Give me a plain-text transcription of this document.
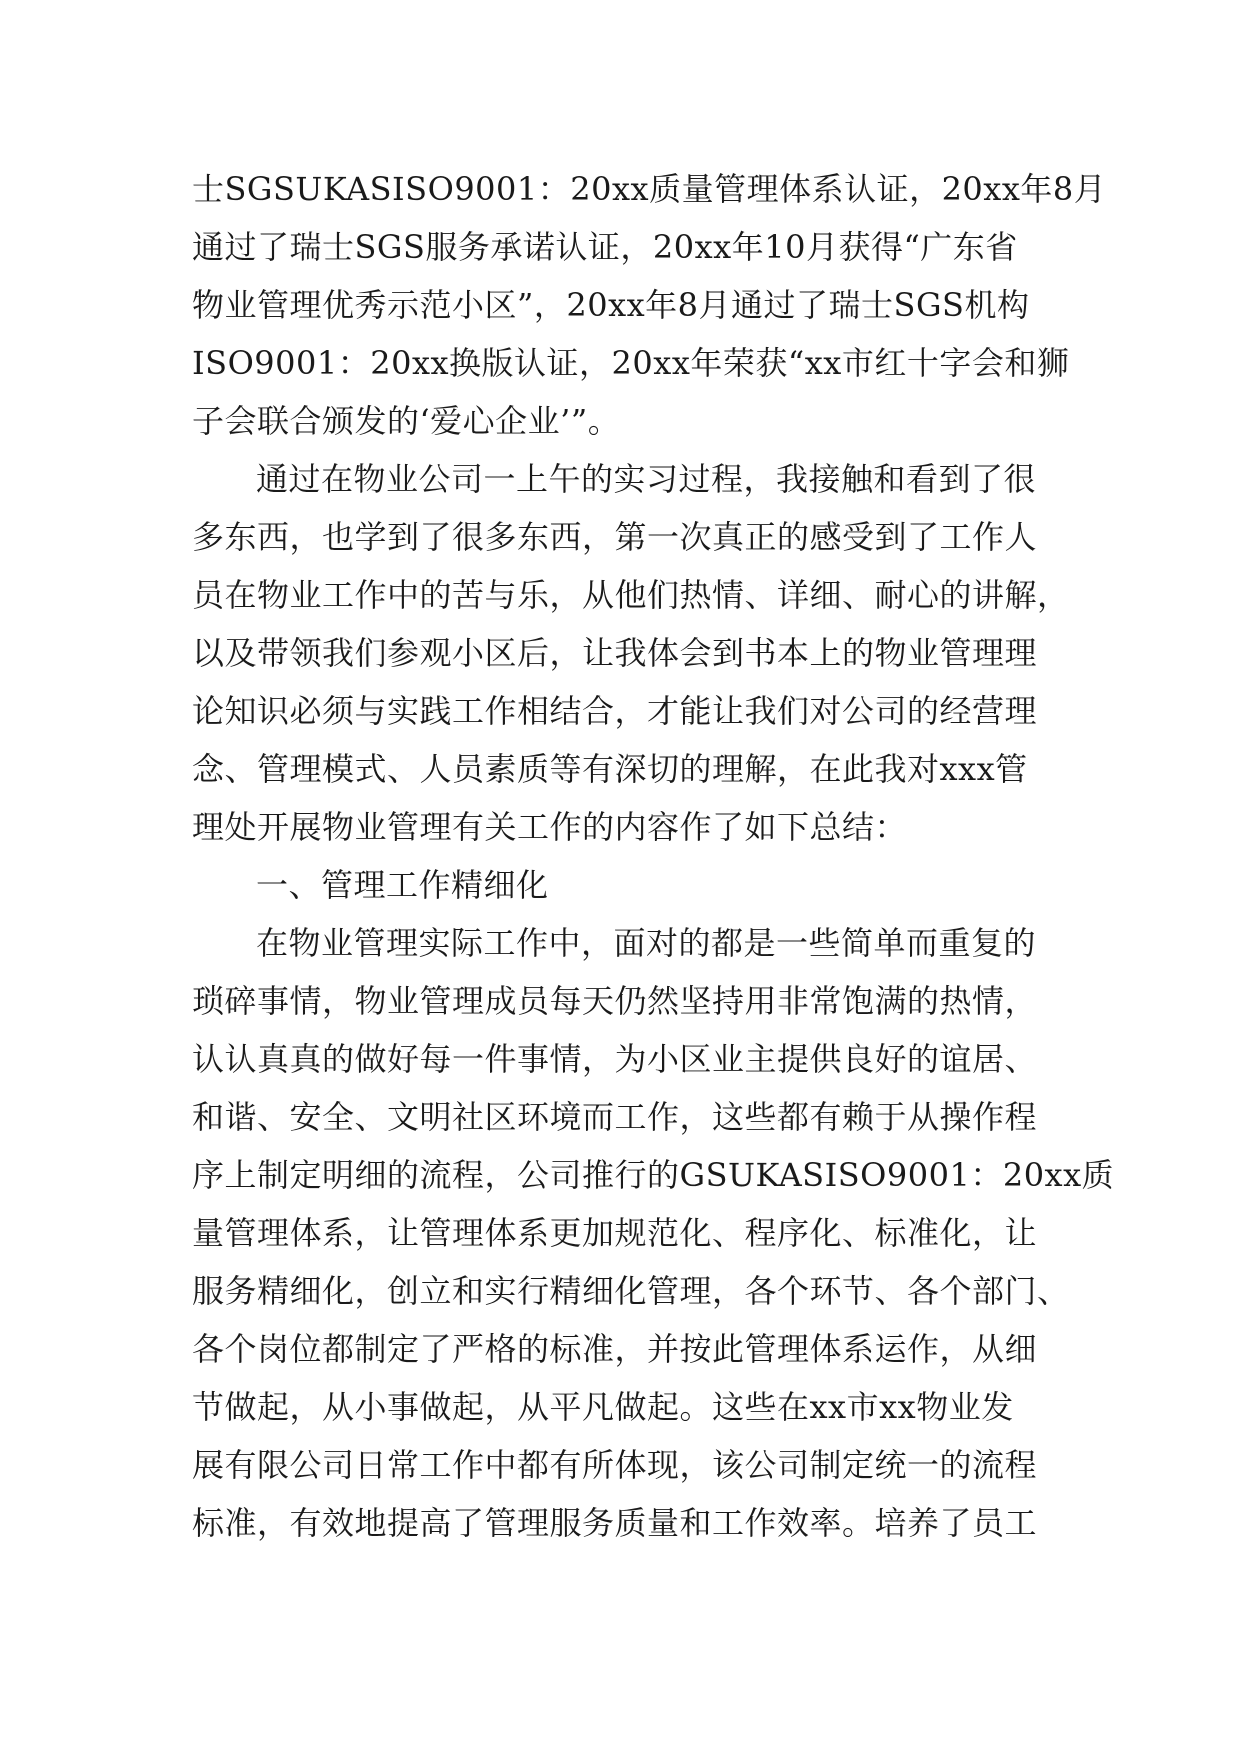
士SGSUKASISO9001：20xx质量管理体系认证，20xx年8月
通过了瑞士SGS服务承诺认证，20xx年10月获得“广东省
物业管理优秀示范小区”，20xx年8月通过了瑞士SGS机构
ISO9001：20xx换版认证，20xx年荣获“xx市红十字会和狮
子会联合颁发的‘爱心企业’”。
通过在物业公司一上午的实习过程，我接触和看到了很
多东西，也学到了很多东西，第一次真正的感受到了工作人
员在物业工作中的苦与乐，从他们热情、详细、耐心的讲解，
以及带领我们参观小区后，让我体会到书本上的物业管理理
论知识必须与实践工作相结合，才能让我们对公司的经营理
念、管理模式、人员素质等有深切的理解，在此我对xxx管
理处开展物业管理有关工作的内容作了如下总结：
一、管理工作精细化
在物业管理实际工作中，面对的都是一些简单而重复的
琐碎事情，物业管理成员每天仍然坚持用非常饱满的热情，
认认真真的做好每一件事情，为小区业主提供良好的谊居、
和谐、安全、文明社区环境而工作，这些都有赖于从操作程
序上制定明细的流程，公司推行的GSUKASISO9001：20xx质
量管理体系，让管理体系更加规范化、程序化、标准化，让
服务精细化，创立和实行精细化管理，各个环节、各个部门、
各个岗位都制定了严格的标准，并按此管理体系运作，从细
节做起，从小事做起，从平凡做起。这些在xx市xx物业发
展有限公司日常工作中都有所体现，该公司制定统一的流程
标准，有效地提高了管理服务质量和工作效率。培养了员工
